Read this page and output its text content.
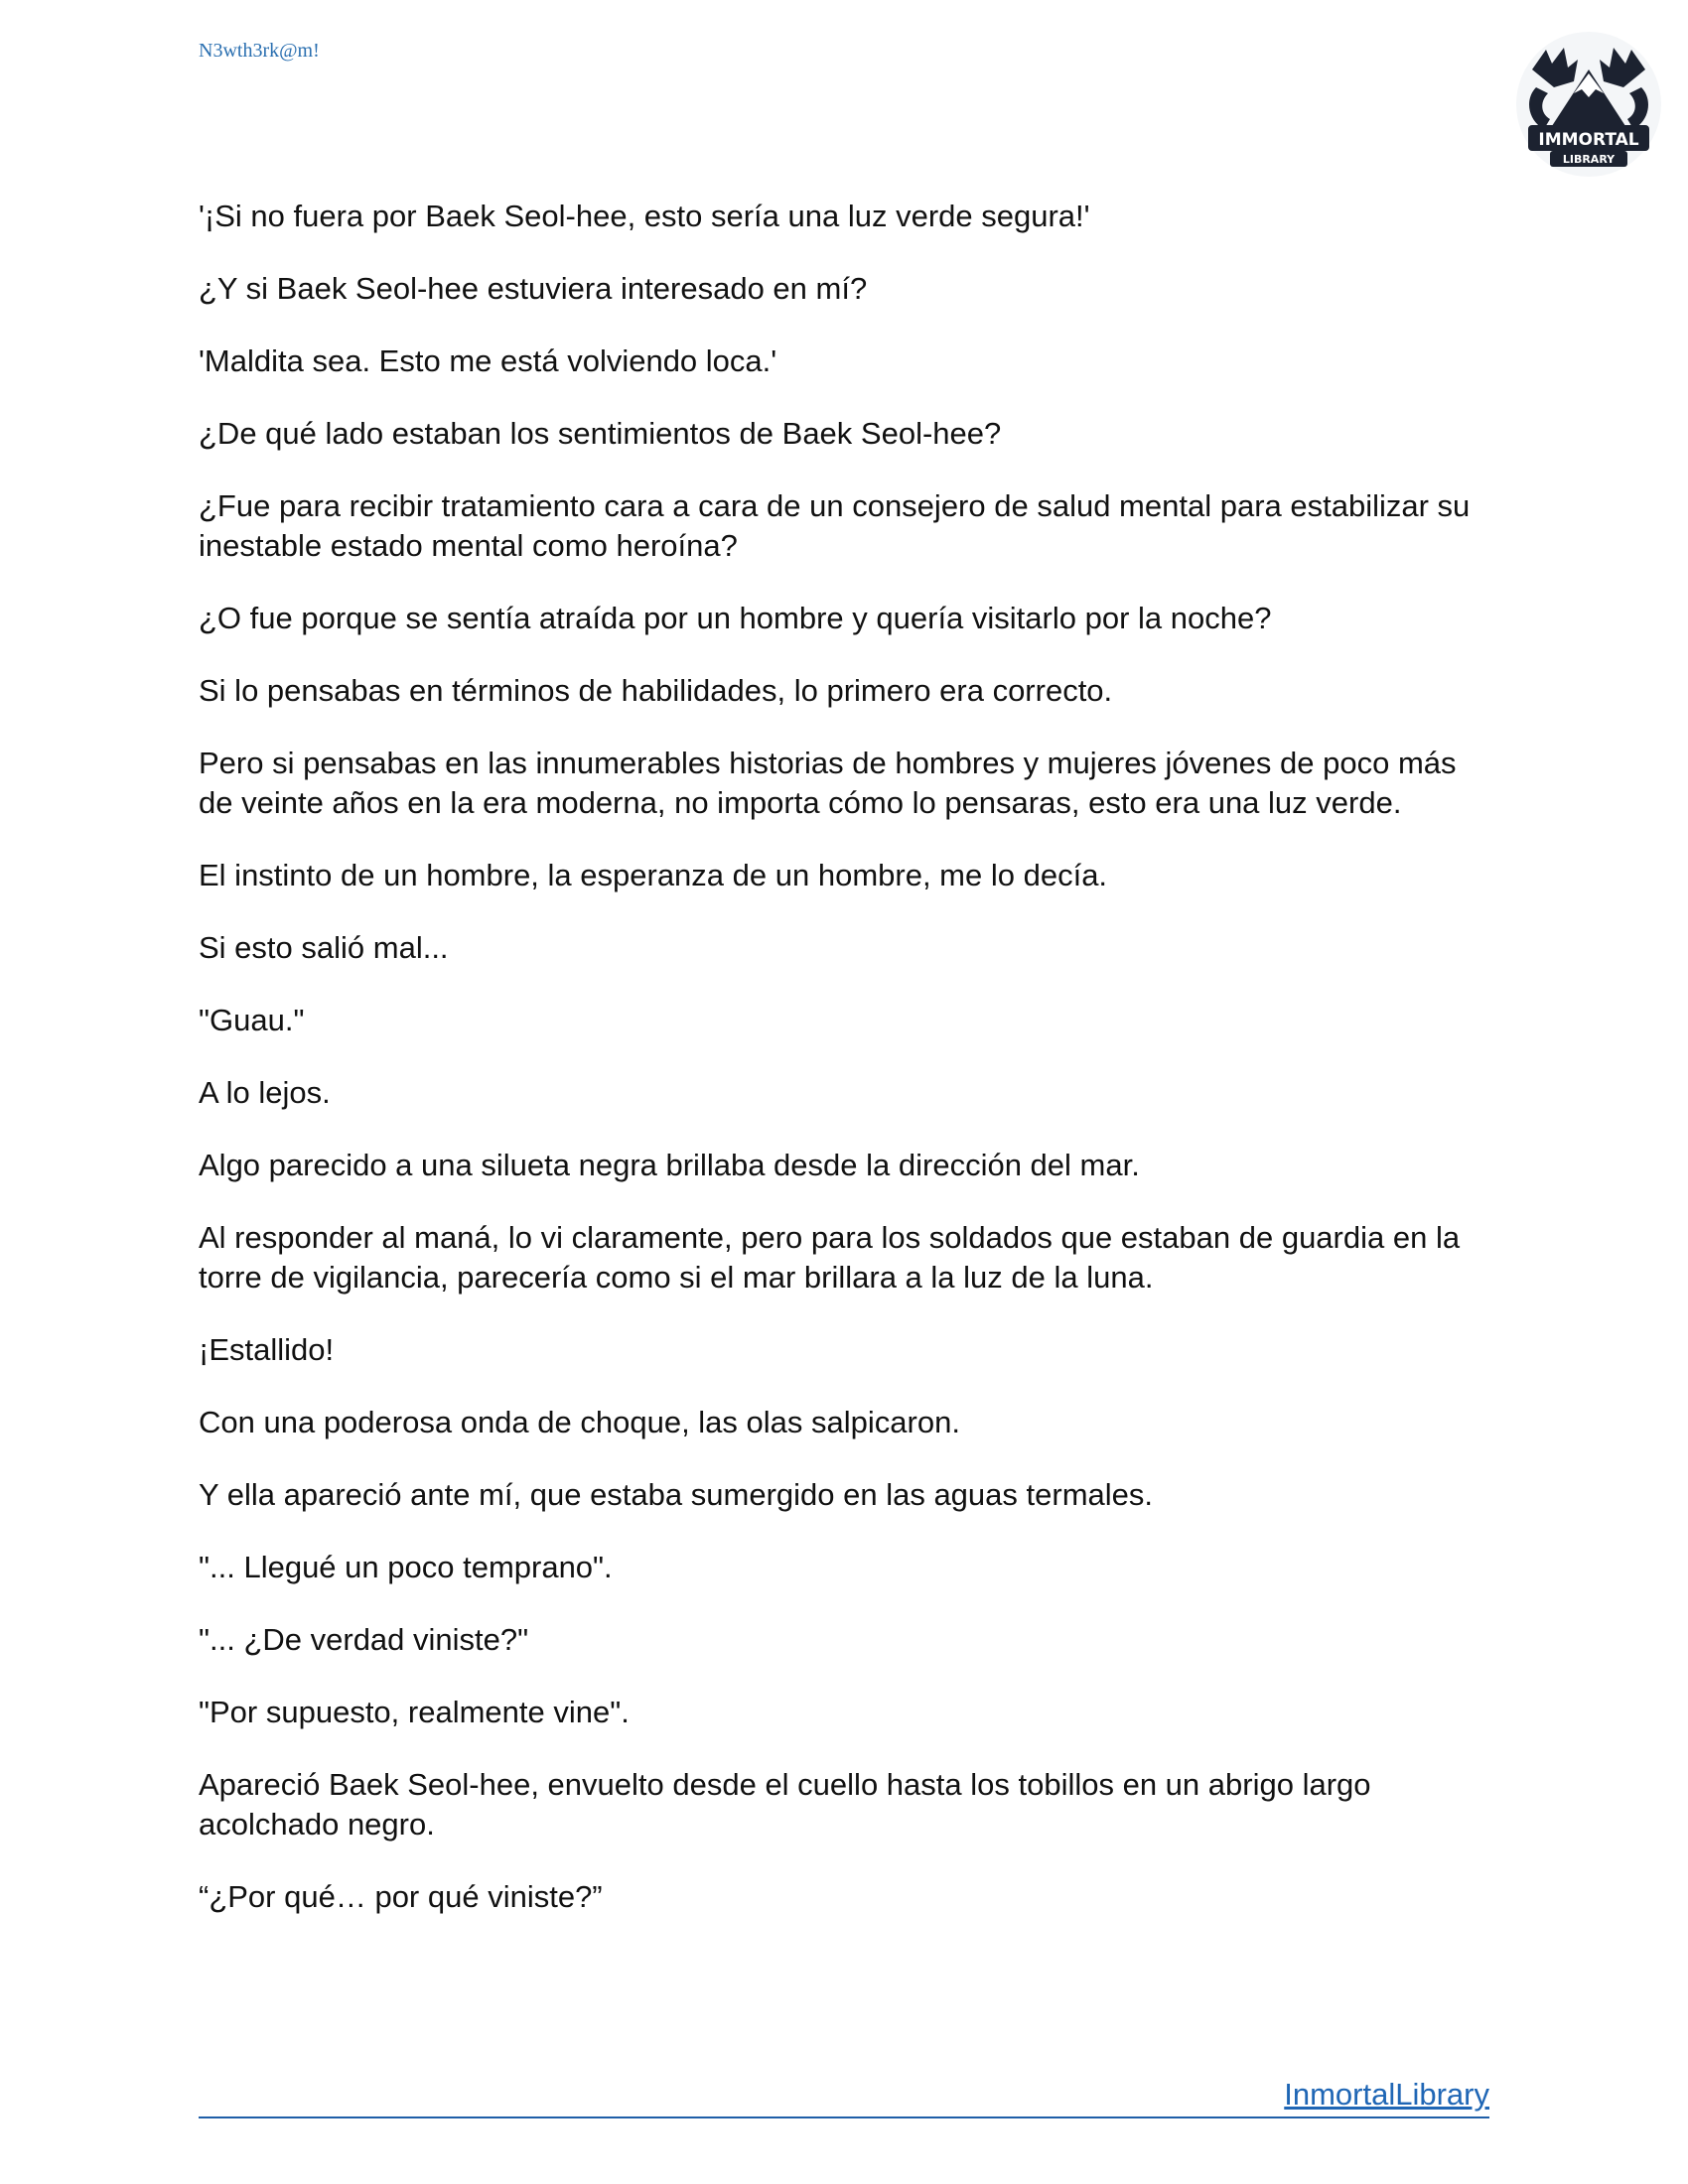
N3wth3rk@m!
IMMORTAL
LIBRARY

'¡Si no fuera por Baek Seol-hee, esto sería una luz verde segura!'

¿Y si Baek Seol-hee estuviera interesado en mí?

'Maldita sea. Esto me está volviendo loca.'

¿De qué lado estaban los sentimientos de Baek Seol-hee?

¿Fue para recibir tratamiento cara a cara de un consejero de salud mental para estabilizar su inestable estado mental como heroína?

¿O fue porque se sentía atraída por un hombre y quería visitarlo por la noche?

Si lo pensabas en términos de habilidades, lo primero era correcto.

Pero si pensabas en las innumerables historias de hombres y mujeres jóvenes de poco más de veinte años en la era moderna, no importa cómo lo pensaras, esto era una luz verde.

El instinto de un hombre, la esperanza de un hombre, me lo decía.

Si esto salió mal...

"Guau."

A lo lejos.

Algo parecido a una silueta negra brillaba desde la dirección del mar.

Al responder al maná, lo vi claramente, pero para los soldados que estaban de guardia en la torre de vigilancia, parecería como si el mar brillara a la luz de la luna.

¡Estallido!

Con una poderosa onda de choque, las olas salpicaron.

Y ella apareció ante mí, que estaba sumergido en las aguas termales.

"... Llegué un poco temprano".

"... ¿De verdad viniste?"

"Por supuesto, realmente vine".

Apareció Baek Seol-hee, envuelto desde el cuello hasta los tobillos en un abrigo largo acolchado negro.

“¿Por qué… por qué viniste?”

InmortalLibrary
